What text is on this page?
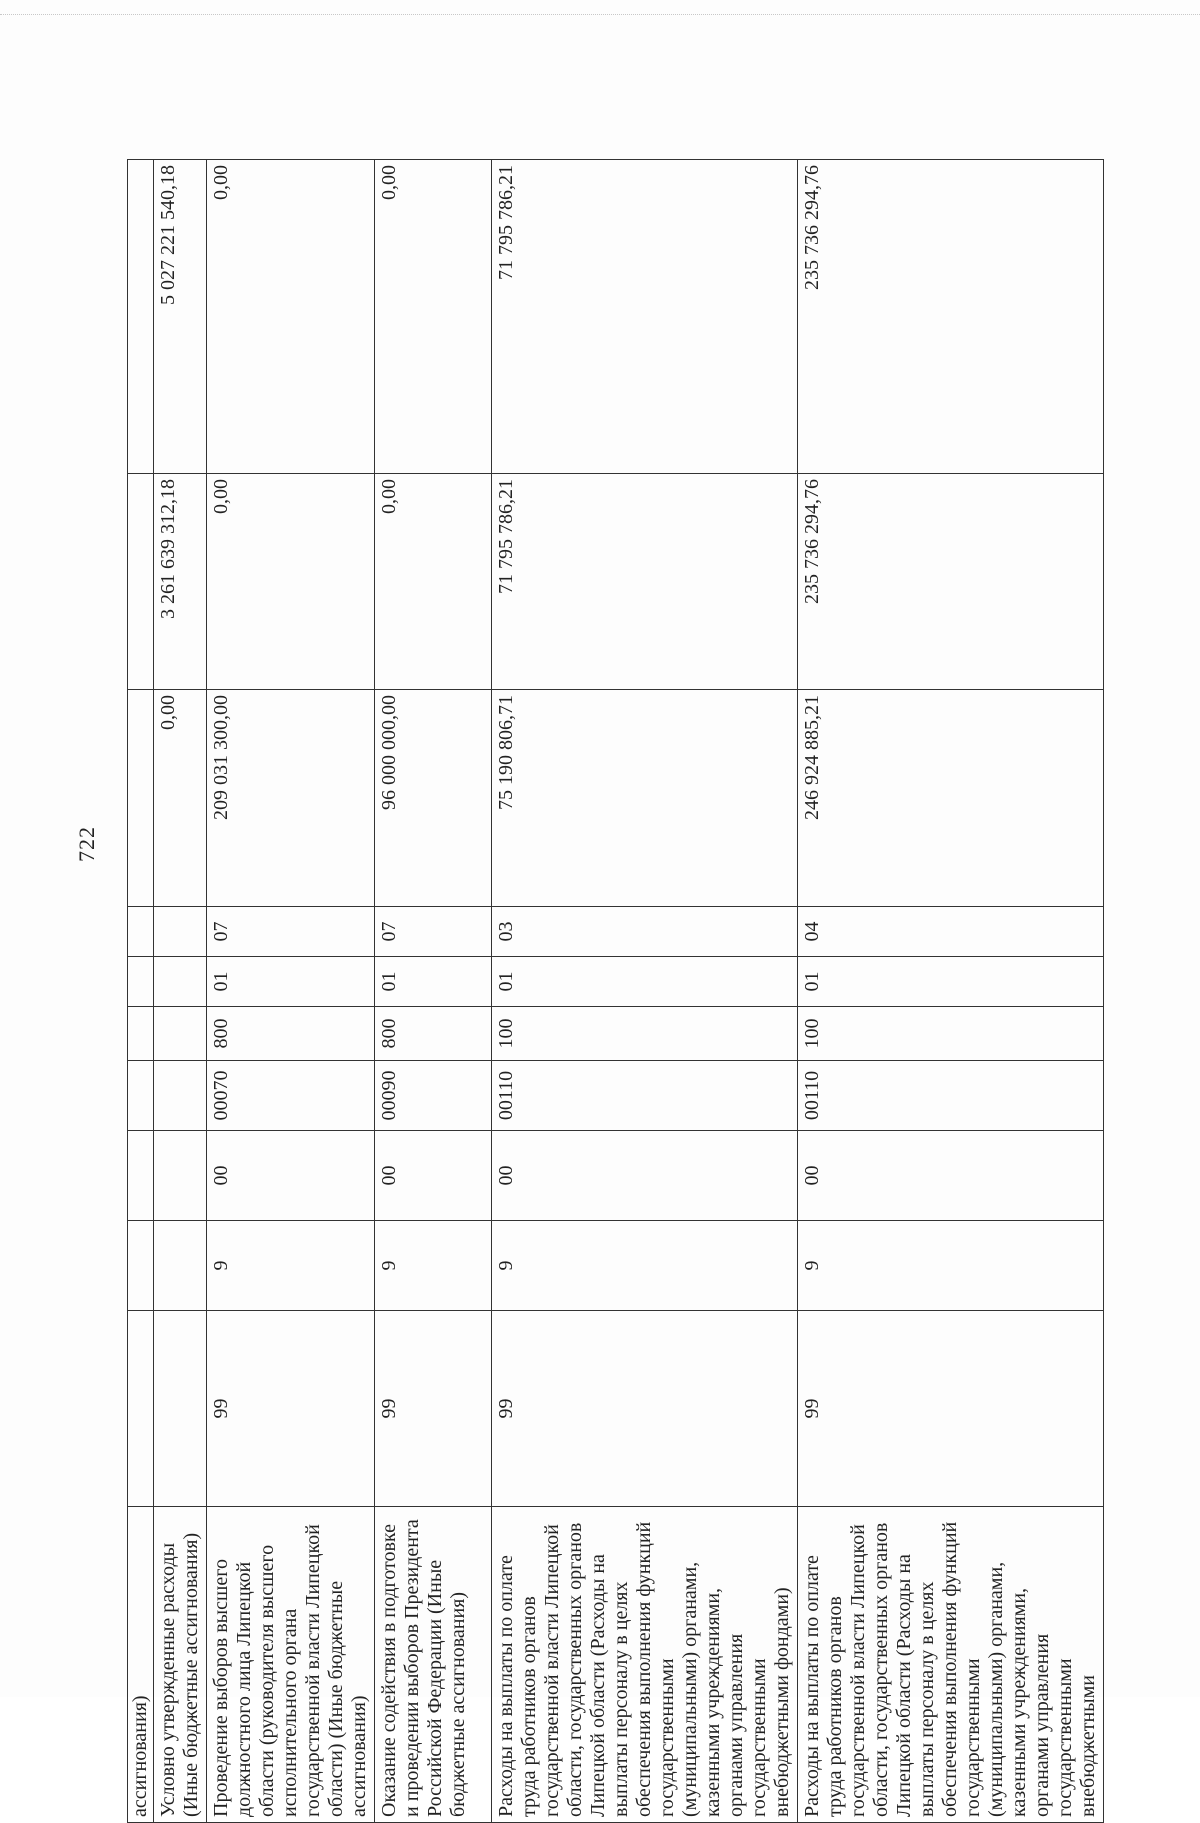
722
ассигнования)										
Условно утвержденные расходы (Иные бюджетные ассигнования)								0,00	3 261 639 312,18	5 027 221 540,18
Проведение выборов высшего должностного лица Липецкой области (руководителя высшего исполнительного органа государственной власти Липецкой области) (Иные бюджетные ассигнования)	99	9	00	00070	800	01	07	209 031 300,00	0,00	0,00
Оказание содействия в подготовке и проведении выборов Президента Российской Федерации (Иные бюджетные ассигнования)	99	9	00	00090	800	01	07	96 000 000,00	0,00	0,00
Расходы на выплаты по оплате труда работников органов государственной власти Липецкой области, государственных органов Липецкой области (Расходы на выплаты персоналу в целях обеспечения выполнения функций государственными (муниципальными) органами, казенными учреждениями, органами управления государственными внебюджетными фондами)	99	9	00	00110	100	01	03	75 190 806,71	71 795 786,21	71 795 786,21
Расходы на выплаты по оплате труда работников органов государственной власти Липецкой области, государственных органов Липецкой области (Расходы на выплаты персоналу в целях обеспечения выполнения функций государственными (муниципальными) органами, казенными учреждениями, органами управления государственными внебюджетными	99	9	00	00110	100	01	04	246 924 885,21	235 736 294,76	235 736 294,76
